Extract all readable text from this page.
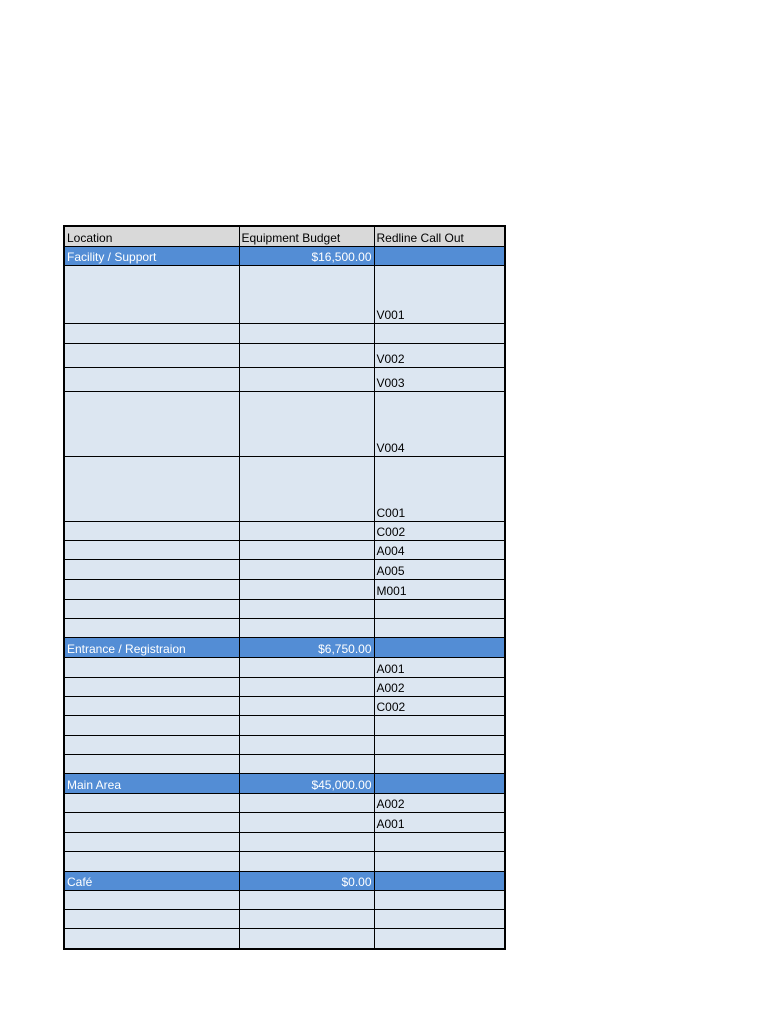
Location	Equipment Budget	Redline Call Out
Facility / Support	$16,500.00	
		V001

		V002
		V003
		V004
		C001
		C002
		A004
		A005
		M001

Entrance / Registraion	$6,750.00	
		A001
		A002
		C002

Main Area	$45,000.00	
		A002
		A001

Café	$0.00	
